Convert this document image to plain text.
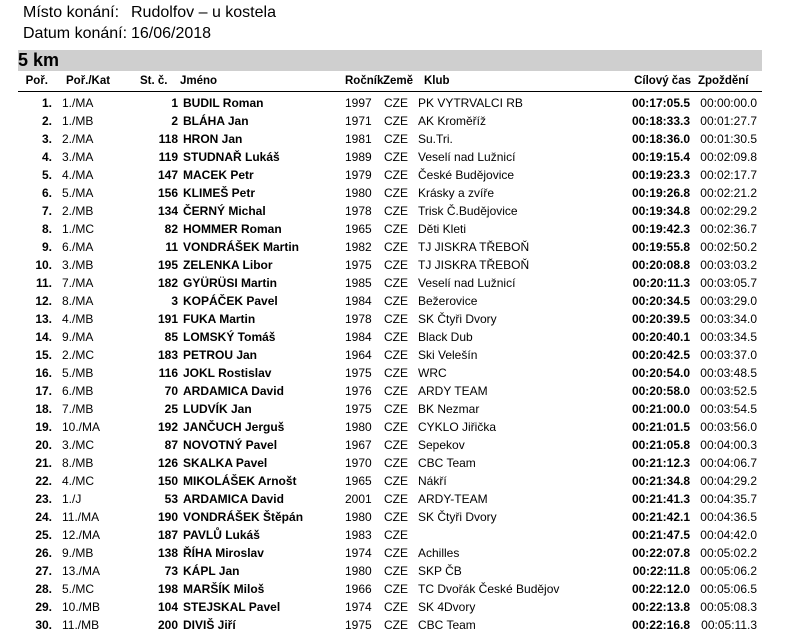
Místo konání: Rudolfov – u kostela
Datum konání: 16/06/2018
5 km
Poř. Poř./Kat	St. č. Jméno	Ročník Země Klub	Cílový čas Zpoždění
1. 1./MA	1 BUDIL Roman	1997 CZE PK VYTRVALCI RB	00:17:05.5 00:00:00.0
2. 1./MB	2 BLÁHA Jan	1971 CZE AK Kroměříž	00:18:33.3 00:01:27.7
3. 2./MA	118 HRON Jan	1981 CZE Su.Tri.	00:18:36.0 00:01:30.5
4. 3./MA	119 STUDNAŘ Lukáš	1989 CZE Veselí nad Lužnicí	00:19:15.4 00:02:09.8
5. 4./MA	147 MACEK Petr	1979 CZE České Budějovice	00:19:23.3 00:02:17.7
6. 5./MA	156 KLIMEŠ Petr	1980 CZE Krásky a zvíře	00:19:26.8 00:02:21.2
7. 2./MB	134 ČERNÝ Michal	1978 CZE Trisk Č.Budějovice	00:19:34.8 00:02:29.2
8. 1./MC	82 HOMMER Roman	1965 CZE Děti Kleti	00:19:42.3 00:02:36.7
9. 6./MA	11 VONDRÁŠEK Martin	1982 CZE TJ JISKRA TŘEBOŇ	00:19:55.8 00:02:50.2
10. 3./MB	195 ZELENKA Libor	1975 CZE TJ JISKRA TŘEBOŇ	00:20:08.8 00:03:03.2
11. 7./MA	182 GYÜRÜSI Martin	1985 CZE Veselí nad Lužnicí	00:20:11.3 00:03:05.7
12. 8./MA	3 KOPÁČEK Pavel	1984 CZE Bežerovice	00:20:34.5 00:03:29.0
13. 4./MB	191 FUKA Martin	1978 CZE SK Čtyři Dvory	00:20:39.5 00:03:34.0
14. 9./MA	85 LOMSKÝ Tomáš	1984 CZE Black Dub	00:20:40.1 00:03:34.5
15. 2./MC	183 PETROU Jan	1964 CZE Ski Velešín	00:20:42.5 00:03:37.0
16. 5./MB	116 JOKL Rostislav	1975 CZE WRC	00:20:54.0 00:03:48.5
17. 6./MB	70 ARDAMICA David	1976 CZE ARDY TEAM	00:20:58.0 00:03:52.5
18. 7./MB	25 LUDVÍK Jan	1975 CZE BK Nezmar	00:21:00.0 00:03:54.5
19. 10./MA	192 JANČUCH Jerguš	1980 CZE CYKLO Jiřička	00:21:01.5 00:03:56.0
20. 3./MC	87 NOVOTNÝ Pavel	1967 CZE Sepekov	00:21:05.8 00:04:00.3
21. 8./MB	126 SKALKA Pavel	1970 CZE CBC Team	00:21:12.3 00:04:06.7
22. 4./MC	150 MIKOLÁŠEK Arnošt	1965 CZE Nákří	00:21:34.8 00:04:29.2
23. 1./J	53 ARDAMICA David	2001 CZE ARDY-TEAM	00:21:41.3 00:04:35.7
24. 11./MA	190 VONDRÁŠEK Štěpán	1980 CZE SK Čtyři Dvory	00:21:42.1 00:04:36.5
25. 12./MA	187 PAVLŮ Lukáš	1983 CZE	00:21:47.5 00:04:42.0
26. 9./MB	138 ŘÍHA Miroslav	1974 CZE Achilles	00:22:07.8 00:05:02.2
27. 13./MA	73 KÁPL Jan	1980 CZE SKP ČB	00:22:11.8 00:05:06.2
28. 5./MC	198 MARŠÍK Miloš	1966 CZE TC Dvořák České Budějov	00:22:12.0 00:05:06.5
29. 10./MB	104 STEJSKAL Pavel	1974 CZE SK 4Dvory	00:22:13.8 00:05:08.3
30. 11./MB	200 DIVIŠ Jiří	1975 CZE CBC Team	00:22:16.8 00:05:11.3
